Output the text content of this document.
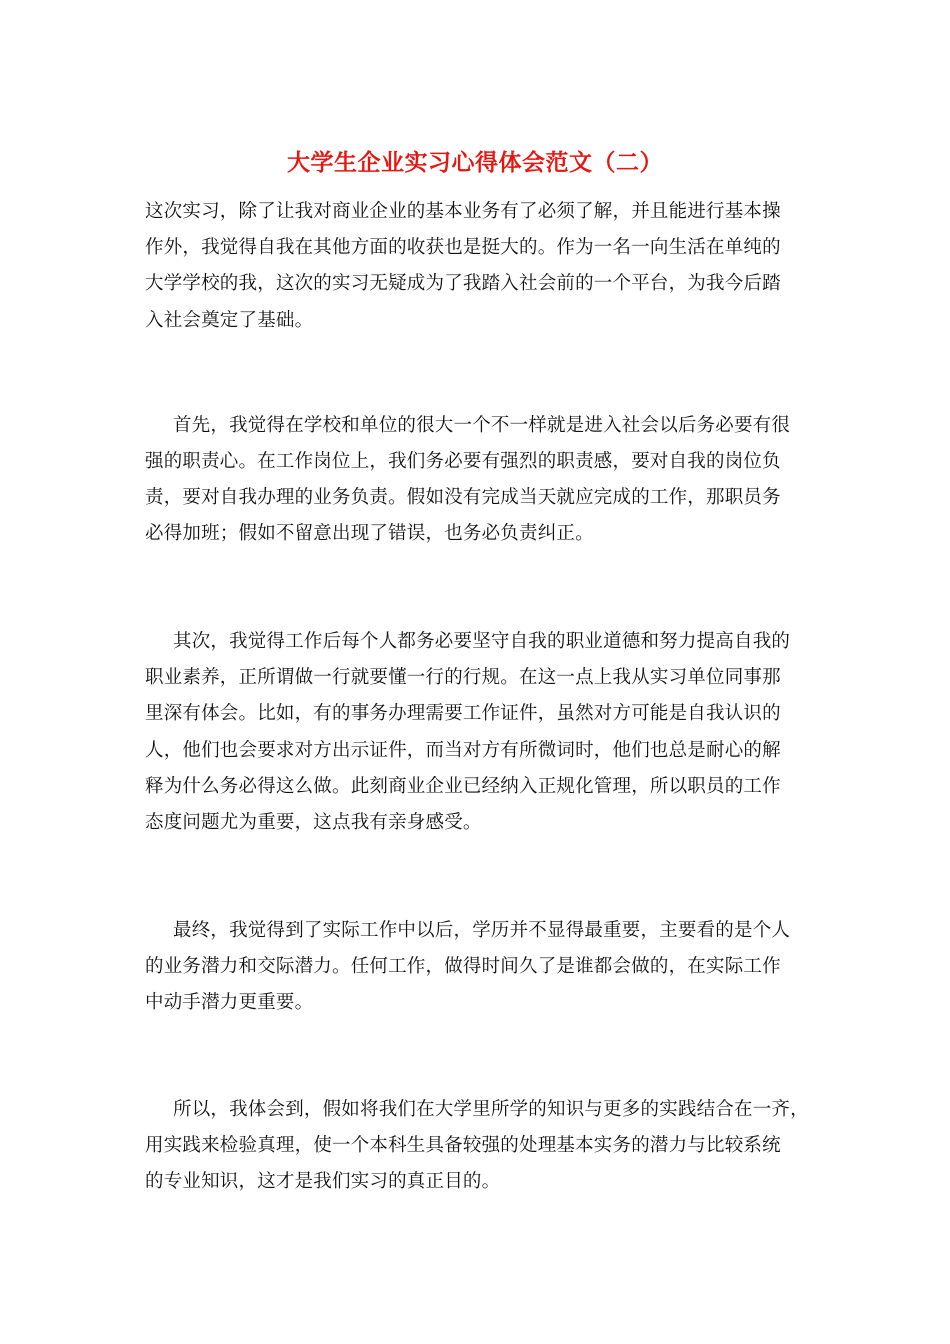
大学生企业实习心得体会范文（二）
这次实习，除了让我对商业企业的基本业务有了必须了解，并且能进行基本操
作外，我觉得自我在其他方面的收获也是挺大的。作为一名一向生活在单纯的
大学学校的我，这次的实习无疑成为了我踏入社会前的一个平台，为我今后踏
入社会奠定了基础。
首先，我觉得在学校和单位的很大一个不一样就是进入社会以后务必要有很
强的职责心。在工作岗位上，我们务必要有强烈的职责感，要对自我的岗位负
责，要对自我办理的业务负责。假如没有完成当天就应完成的工作，那职员务
必得加班；假如不留意出现了错误，也务必负责纠正。
其次，我觉得工作后每个人都务必要坚守自我的职业道德和努力提高自我的
职业素养，正所谓做一行就要懂一行的行规。在这一点上我从实习单位同事那
里深有体会。比如，有的事务办理需要工作证件，虽然对方可能是自我认识的
人，他们也会要求对方出示证件，而当对方有所微词时，他们也总是耐心的解
释为什么务必得这么做。此刻商业企业已经纳入正规化管理，所以职员的工作
态度问题尤为重要，这点我有亲身感受。
最终，我觉得到了实际工作中以后，学历并不显得最重要，主要看的是个人
的业务潜力和交际潜力。任何工作，做得时间久了是谁都会做的，在实际工作
中动手潜力更重要。
所以，我体会到，假如将我们在大学里所学的知识与更多的实践结合在一齐，
用实践来检验真理，使一个本科生具备较强的处理基本实务的潜力与比较系统
的专业知识，这才是我们实习的真正目的。
